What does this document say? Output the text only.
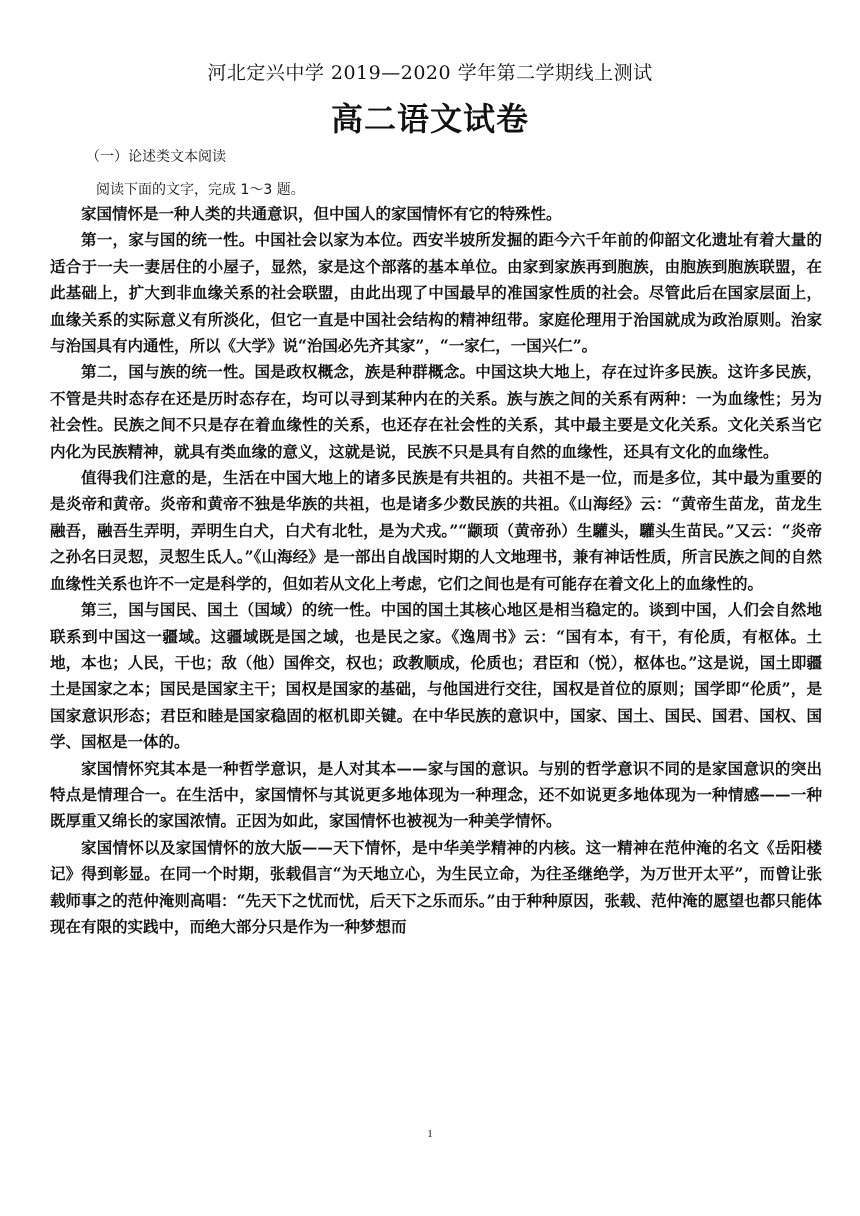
河北定兴中学 2019—2020 学年第二学期线上测试
高二语文试卷
（一）论述类文本阅读
阅读下面的文字，完成 1～3 题。

家国情怀是一种人类的共通意识，但中国人的家国情怀有它的特殊性。

第一，家与国的统一性。中国社会以家为本位。西安半坡所发掘的距今六千年前的仰韶文化遗址有着大量的适合于一夫一妻居住的小屋子，显然，家是这个部落的基本单位。由家到家族再到胞族，由胞族到胞族联盟，在此基础上，扩大到非血缘关系的社会联盟，由此出现了中国最早的准国家性质的社会。尽管此后在国家层面上，血缘关系的实际意义有所淡化，但它一直是中国社会结构的精神纽带。家庭伦理用于治国就成为政治原则。治家与治国具有内通性，所以《大学》说“治国必先齐其家”，“一家仁，一国兴仁”。

第二，国与族的统一性。国是政权概念，族是种群概念。中国这块大地上，存在过许多民族。这许多民族，不管是共时态存在还是历时态存在，均可以寻到某种内在的关系。族与族之间的关系有两种：一为血缘性；另为社会性。民族之间不只是存在着血缘性的关系，也还存在社会性的关系，其中最主要是文化关系。文化关系当它内化为民族精神，就具有类血缘的意义，这就是说，民族不只是具有自然的血缘性，还具有文化的血缘性。

值得我们注意的是，生活在中国大地上的诸多民族是有共祖的。共祖不是一位，而是多位，其中最为重要的是炎帝和黄帝。炎帝和黄帝不独是华族的共祖，也是诸多少数民族的共祖。《山海经》云：“黄帝生苗龙，苗龙生融吾，融吾生弄明，弄明生白犬，白犬有北牡，是为犬戎。”“颛顼（黄帝孙）生驩头，驩头生苗民。”又云：“炎帝之孙名曰灵恝，灵恝生氐人。”《山海经》是一部出自战国时期的人文地理书，兼有神话性质，所言民族之间的自然血缘性关系也许不一定是科学的，但如若从文化上考虑，它们之间也是有可能存在着文化上的血缘性的。

第三，国与国民、国土（国域）的统一性。中国的国土其核心地区是相当稳定的。谈到中国，人们会自然地联系到中国这一疆域。这疆域既是国之域，也是民之家。《逸周书》云：“国有本，有干，有伦质，有枢体。土地，本也；人民，干也；敌（他）国侔交，权也；政教顺成，伦质也；君臣和（悦），枢体也。”这是说，国土即疆土是国家之本；国民是国家主干；国权是国家的基础，与他国进行交往，国权是首位的原则；国学即“伦质”，是国家意识形态；君臣和睦是国家稳固的枢机即关键。在中华民族的意识中，国家、国土、国民、国君、国权、国学、国枢是一体的。

家国情怀究其本是一种哲学意识，是人对其本——家与国的意识。与别的哲学意识不同的是家国意识的突出特点是情理合一。在生活中，家国情怀与其说更多地体现为一种理念，还不如说更多地体现为一种情感——一种既厚重又绵长的家国浓情。正因为如此，家国情怀也被视为一种美学情怀。

家国情怀以及家国情怀的放大版——天下情怀，是中华美学精神的内核。这一精神在范仲淹的名文《岳阳楼记》得到彰显。在同一个时期，张载倡言“为天地立心，为生民立命，为往圣继绝学，为万世开太平”，而曾让张载师事之的范仲淹则高唱：“先天下之忧而忧，后天下之乐而乐。”由于种种原因，张载、范仲淹的愿望也都只能体现在有限的实践中，而绝大部分只是作为一种梦想而

1
